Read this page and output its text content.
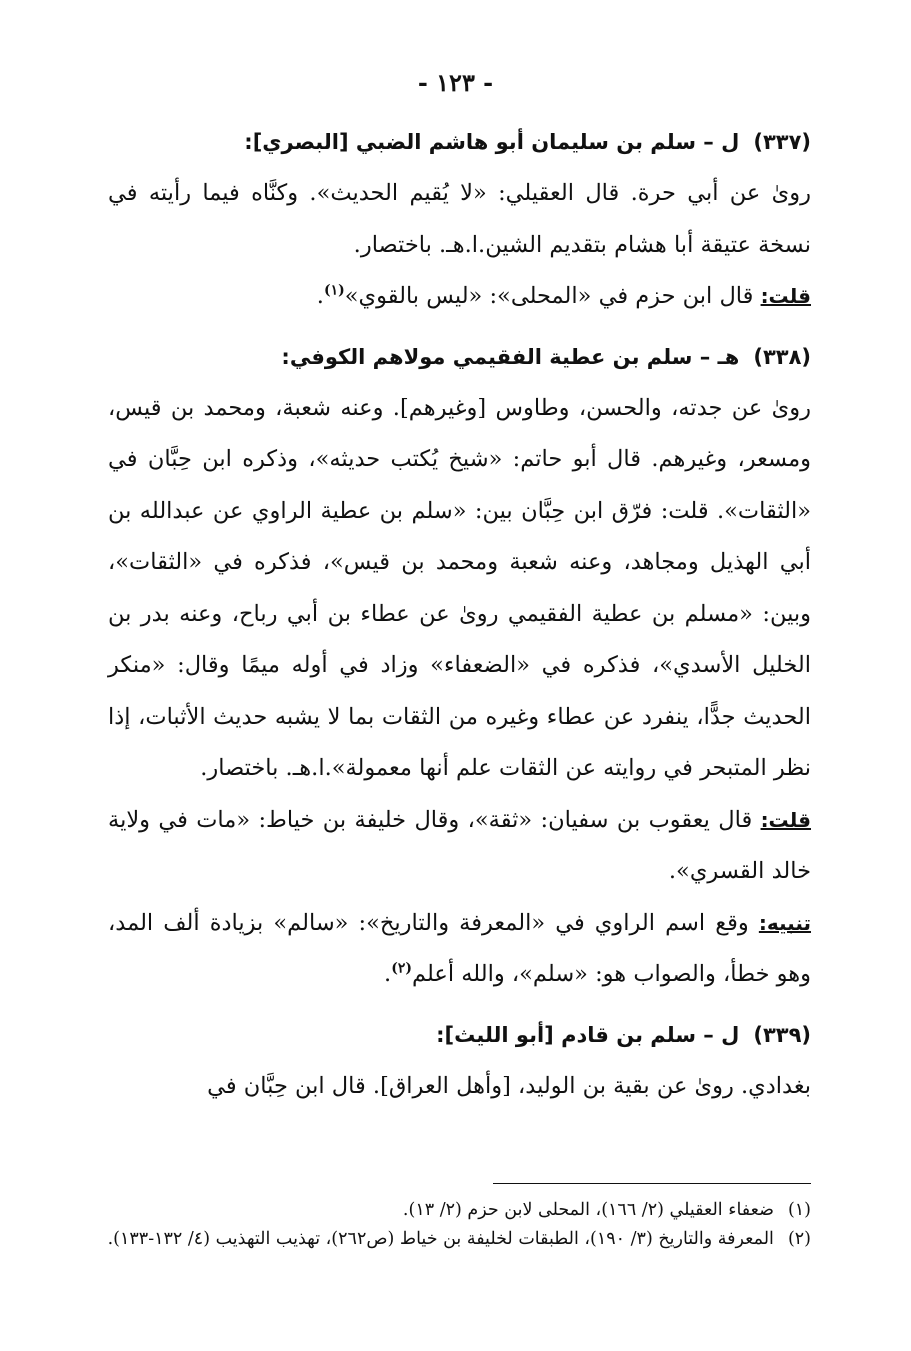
- ١٢٣ -
(٣٣٧)
ل – سلم بن سليمان أبو هاشم الضبي [البصري]:

رویٰ عن أبي حرة. قال العقيلي: «لا يُقيم الحديث». وكنَّاه فيما رأيته في نسخة عتيقة أبا هشام بتقديم الشين.ا.هـ. باختصار.

قلت: قال ابن حزم في «المحلى»: «ليس بالقوي»$^{(١)}$.

(٣٣٨)
هـ – سلم بن عطية الفقيمي مولاهم الكوفي:

رویٰ عن جدته، والحسن، وطاوس [وغيرهم]. وعنه شعبة، ومحمد بن قيس، ومسعر، وغيرهم. قال أبو حاتم: «شيخ يُكتب حديثه»، وذكره ابن حِبَّان في «الثقات». قلت: فرّق ابن حِبَّان بين: «سلم بن عطية الراوي عن عبدالله بن أبي الهذيل ومجاهد، وعنه شعبة ومحمد بن قيس»، فذكره في «الثقات»، وبين: «مسلم بن عطية الفقيمي رویٰ عن عطاء بن أبي رباح، وعنه بدر بن الخليل الأسدي»، فذكره في «الضعفاء» وزاد في أوله ميمًا وقال: «منكر الحديث جدًّا، ينفرد عن عطاء وغيره من الثقات بما لا يشبه حديث الأثبات، إذا نظر المتبحر في روايته عن الثقات علم أنها معمولة».ا.هـ. باختصار.

قلت: قال يعقوب بن سفيان: «ثقة»، وقال خليفة بن خياط: «مات في ولاية خالد القسري».

تنبيه: وقع اسم الراوي في «المعرفة والتاريخ»: «سالم» بزيادة ألف المد، وهو خطأ، والصواب هو: «سلم»، والله أعلم$^{(٢)}$.

(٣٣٩)
ل – سلم بن قادم [أبو الليث]:

بغدادي. رویٰ عن بقية بن الوليد، [وأهل العراق]. قال ابن حِبَّان في

(١)
ضعفاء العقيلي (٢/ ١٦٦)، المحلى لابن حزم (٢/ ١٣).
(٢)
المعرفة والتاريخ (٣/ ١٩٠)، الطبقات لخليفة بن خياط (ص٢٦٢)، تهذيب التهذيب (٤/ ١٣٢-١٣٣).
